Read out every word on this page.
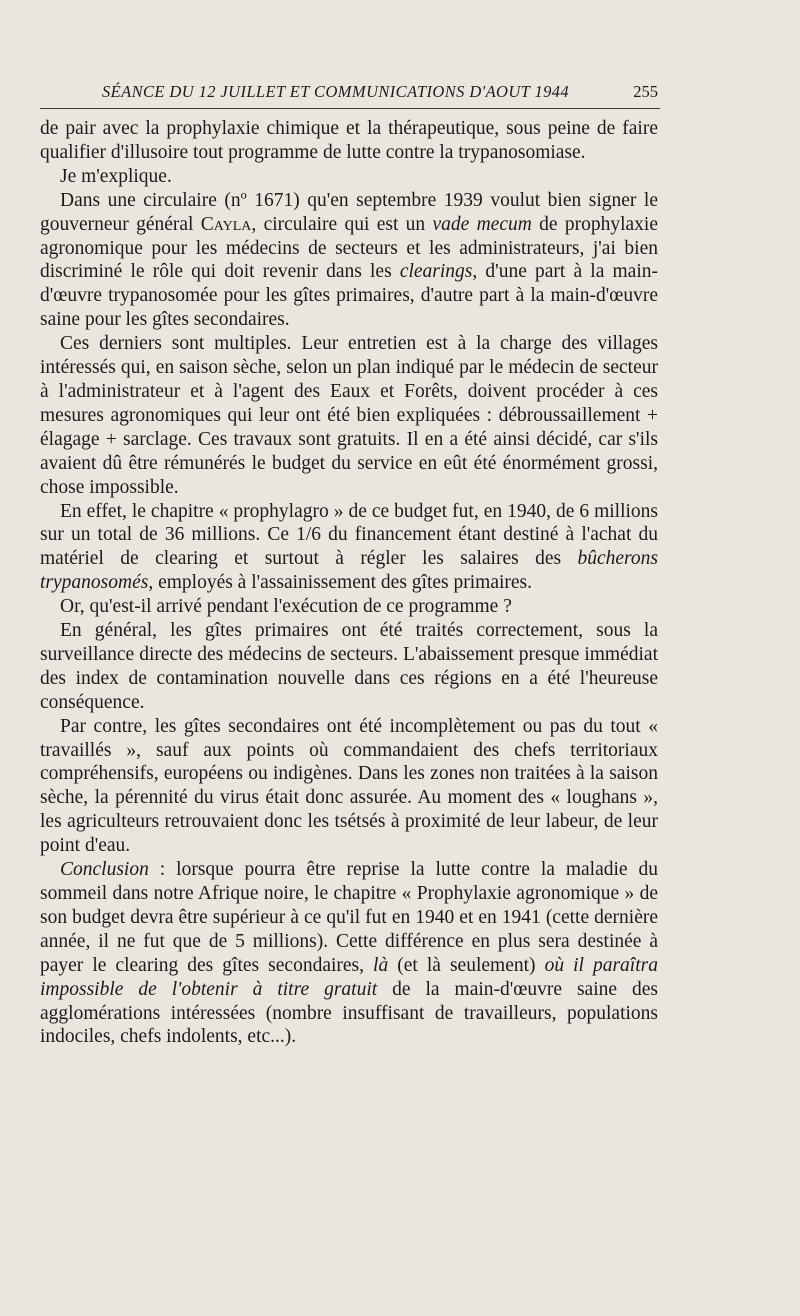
SÉANCE DU 12 JUILLET ET COMMUNICATIONS D'AOUT 1944	255

de pair avec la prophylaxie chimique et la thérapeutique, sous peine de faire qualifier d'illusoire tout programme de lutte contre la trypanosomiase.

Je m'explique.

Dans une circulaire (nº 1671) qu'en septembre 1939 voulut bien signer le gouverneur général Cayla, circulaire qui est un vade mecum de prophylaxie agronomique pour les médecins de secteurs et les administrateurs, j'ai bien discriminé le rôle qui doit revenir dans les clearings, d'une part à la main-d'œuvre trypanosomée pour les gîtes primaires, d'autre part à la main-d'œuvre saine pour les gîtes secondaires.

Ces derniers sont multiples. Leur entretien est à la charge des villages intéressés qui, en saison sèche, selon un plan indiqué par le médecin de secteur à l'administrateur et à l'agent des Eaux et Forêts, doivent procéder à ces mesures agronomiques qui leur ont été bien expliquées : débroussaillement + élagage + sarclage. Ces travaux sont gratuits. Il en a été ainsi décidé, car s'ils avaient dû être rémunérés le budget du service en eût été énormément grossi, chose impossible.

En effet, le chapitre « prophylagro » de ce budget fut, en 1940, de 6 millions sur un total de 36 millions. Ce 1/6 du financement étant destiné à l'achat du matériel de clearing et surtout à régler les salaires des bûcherons trypanosomés, employés à l'assainissement des gîtes primaires.

Or, qu'est-il arrivé pendant l'exécution de ce programme ?

En général, les gîtes primaires ont été traités correctement, sous la surveillance directe des médecins de secteurs. L'abaissement presque immédiat des index de contamination nouvelle dans ces régions en a été l'heureuse conséquence.

Par contre, les gîtes secondaires ont été incomplètement ou pas du tout « travaillés », sauf aux points où commandaient des chefs territoriaux compréhensifs, européens ou indigènes. Dans les zones non traitées à la saison sèche, la pérennité du virus était donc assurée. Au moment des « loughans », les agriculteurs retrouvaient donc les tsétsés à proximité de leur labeur, de leur point d'eau.

Conclusion : lorsque pourra être reprise la lutte contre la maladie du sommeil dans notre Afrique noire, le chapitre « Prophylaxie agronomique » de son budget devra être supérieur à ce qu'il fut en 1940 et en 1941 (cette dernière année, il ne fut que de 5 millions). Cette différence en plus sera destinée à payer le clearing des gîtes secondaires, là (et là seulement) où il paraîtra impossible de l'obtenir à titre gratuit de la main-d'œuvre saine des agglomérations intéressées (nombre insuffisant de travailleurs, populations indociles, chefs indolents, etc...).
